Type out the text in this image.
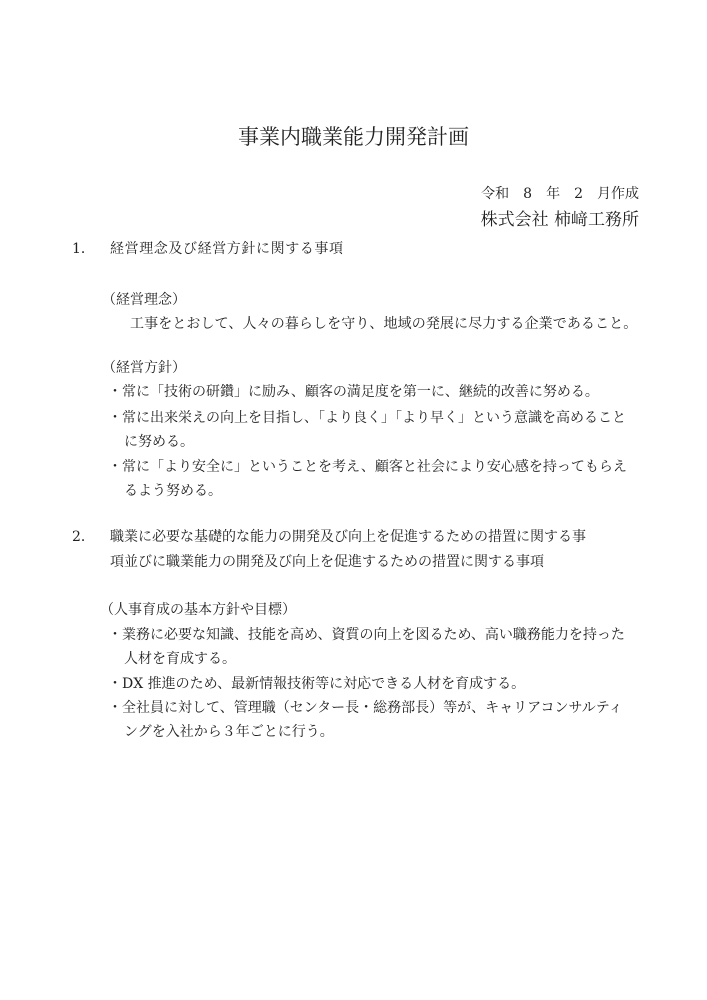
事業内職業能力開発計画
令和　8　年　2　月作成
株式会社 柿﨑工務所
1． 経営理念及び経営方針に関する事項
（経営理念）
工事をとおして、人々の暮らしを守り、地域の発展に尽力する企業であること。
（経営方針）
・常に「技術の研鑽」に励み、顧客の満足度を第一に、継続的改善に努める。
・常に出来栄えの向上を目指し、「より良く」「より早く」という意識を高めること
に努める。
・常に「より安全に」ということを考え、顧客と社会により安心感を持ってもらえ
るよう努める。
2． 職業に必要な基礎的な能力の開発及び向上を促進するための措置に関する事
項並びに職業能力の開発及び向上を促進するための措置に関する事項
（人事育成の基本方針や目標）
・業務に必要な知識、技能を高め、資質の向上を図るため、高い職務能力を持った
人材を育成する。
・DX 推進のため、最新情報技術等に対応できる人材を育成する。
・全社員に対して、管理職（センター長・総務部長）等が、キャリアコンサルティ
ングを入社から３年ごとに行う。
